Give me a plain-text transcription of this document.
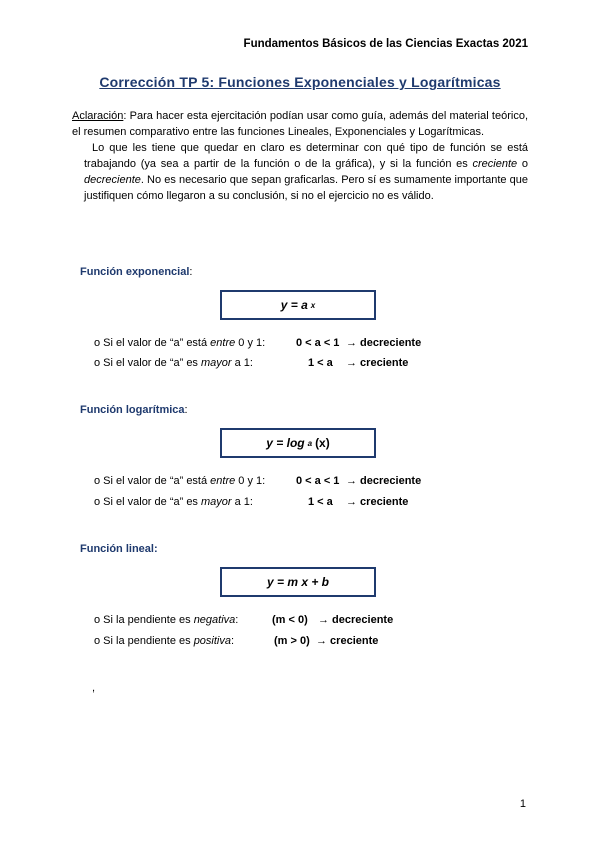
Fundamentos Básicos de las Ciencias Exactas 2021
Corrección TP 5: Funciones Exponenciales y Logarítmicas

Aclaración: Para hacer esta ejercitación podían usar como guía, además del material teórico, el resumen comparativo entre las funciones Lineales, Exponenciales y Logarítmicas.

Lo que les tiene que quedar en claro es determinar con qué tipo de función se está trabajando (ya sea a partir de la función o de la gráfica), y si la función es creciente o decreciente. No es necesario que sepan graficarlas. Pero sí es sumamente importante que justifiquen cómo llegaron a su conclusión, si no el ejercicio no es válido.

Función exponencial:
y = a x
o Si el valor de “a” está entre 0 y 1:	0 < a < 1 → decreciente
o Si el valor de “a” es mayor a 1:	1 < a → creciente
Función logarítmica:
y = log a (x)
o Si el valor de “a” está entre 0 y 1:	0 < a < 1 → decreciente
o Si el valor de “a” es mayor a 1:	1 < a → creciente
Función lineal:
y = m x + b
o Si la pendiente es negativa:	(m < 0) → decreciente
o Si la pendiente es positiva:	(m > 0) → creciente
,
1
